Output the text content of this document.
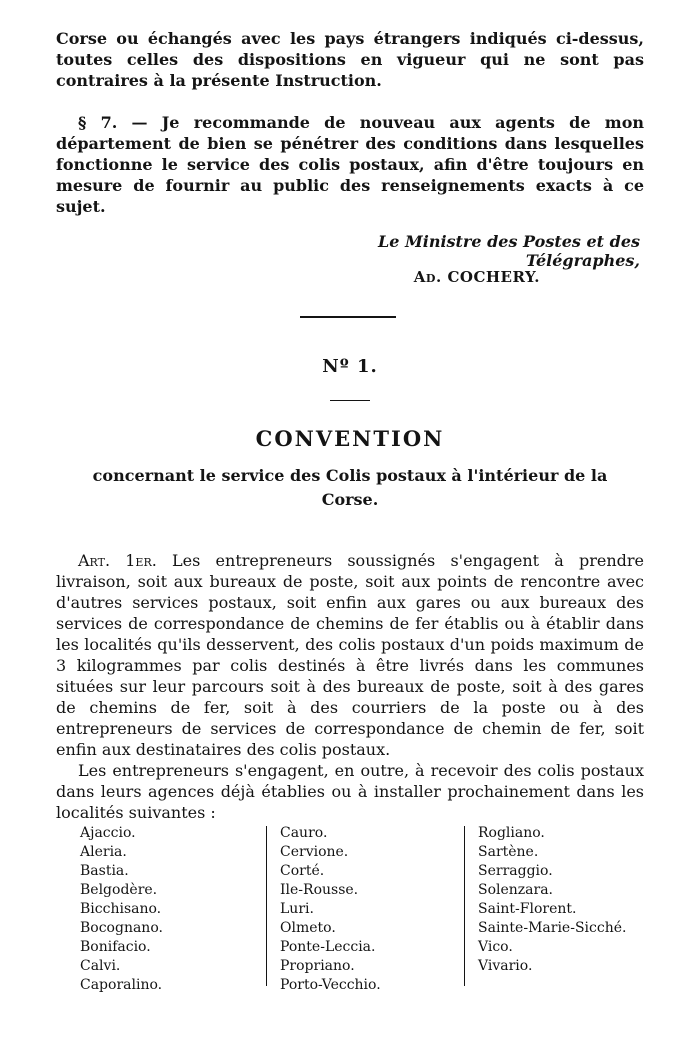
Corse ou échangés avec les pays étrangers indiqués ci-dessus, toutes celles des dispositions en vigueur qui ne sont pas contraires à la présente Instruction.

§ 7. — Je recommande de nouveau aux agents de mon département de bien se pénétrer des conditions dans lesquelles fonctionne le service des colis postaux, afin d'être toujours en mesure de fournir au public des renseignements exacts à ce sujet.

Le Ministre des Postes et des Télégraphes,
Ad. COCHERY.
Nº 1.
CONVENTION
concernant le service des Colis postaux à l'intérieur de la Corse.

Art. 1er. Les entrepreneurs soussignés s'engagent à prendre livraison, soit aux bureaux de poste, soit aux points de rencontre avec d'autres services postaux, soit enfin aux gares ou aux bureaux des services de correspondance de chemins de fer établis ou à établir dans les localités qu'ils desservent, des colis postaux d'un poids maximum de 3 kilogrammes par colis destinés à être livrés dans les communes situées sur leur parcours soit à des bureaux de poste, soit à des gares de chemins de fer, soit à des courriers de la poste ou à des entrepreneurs de services de correspondance de chemin de fer, soit enfin aux destinataires des colis postaux.

Les entrepreneurs s'engagent, en outre, à recevoir des colis postaux dans leurs agences déjà établies ou à installer prochainement dans les localités suivantes :

Ajaccio.
Aleria.
Bastia.
Belgodère.
Bicchisano.
Bocognano.
Bonifacio.
Calvi.
Caporalino.
Cauro.
Cervione.
Corté.
Ile-Rousse.
Luri.
Olmeto.
Ponte-Leccia.
Propriano.
Porto-Vecchio.
Rogliano.
Sartène.
Serraggio.
Solenzara.
Saint-Florent.
Sainte-Marie-Sicché.
Vico.
Vivario.
